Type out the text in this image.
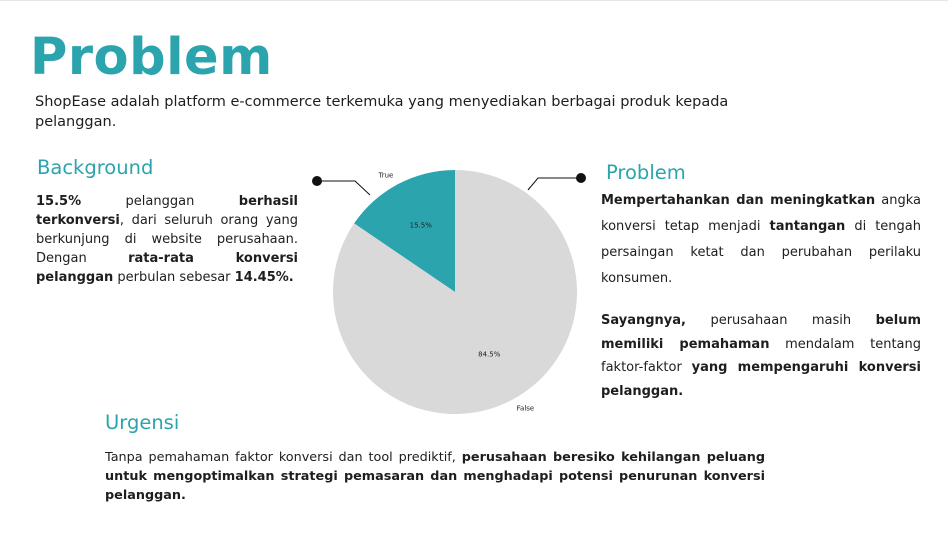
Problem

ShopEase adalah platform e-commerce terkemuka yang menyediakan berbagai produk kepada pelanggan.

Background

15.5% pelanggan berhasil terkonversi, dari seluruh orang yang berkunjung di website perusahaan. Dengan rata-rata konversi pelanggan perbulan sebesar 14.45%.

15.5%
True
84.5%
False
Problem

Mempertahankan dan meningkatkan angka konversi tetap menjadi tantangan di tengah persaingan ketat dan perubahan perilaku konsumen.

Sayangnya, perusahaan masih belum memiliki pemahaman mendalam tentang faktor-faktor yang mempengaruhi konversi pelanggan.

Urgensi

Tanpa pemahaman faktor konversi dan tool prediktif, perusahaan beresiko kehilangan peluang untuk mengoptimalkan strategi pemasaran dan menghadapi potensi penurunan konversi pelanggan.
